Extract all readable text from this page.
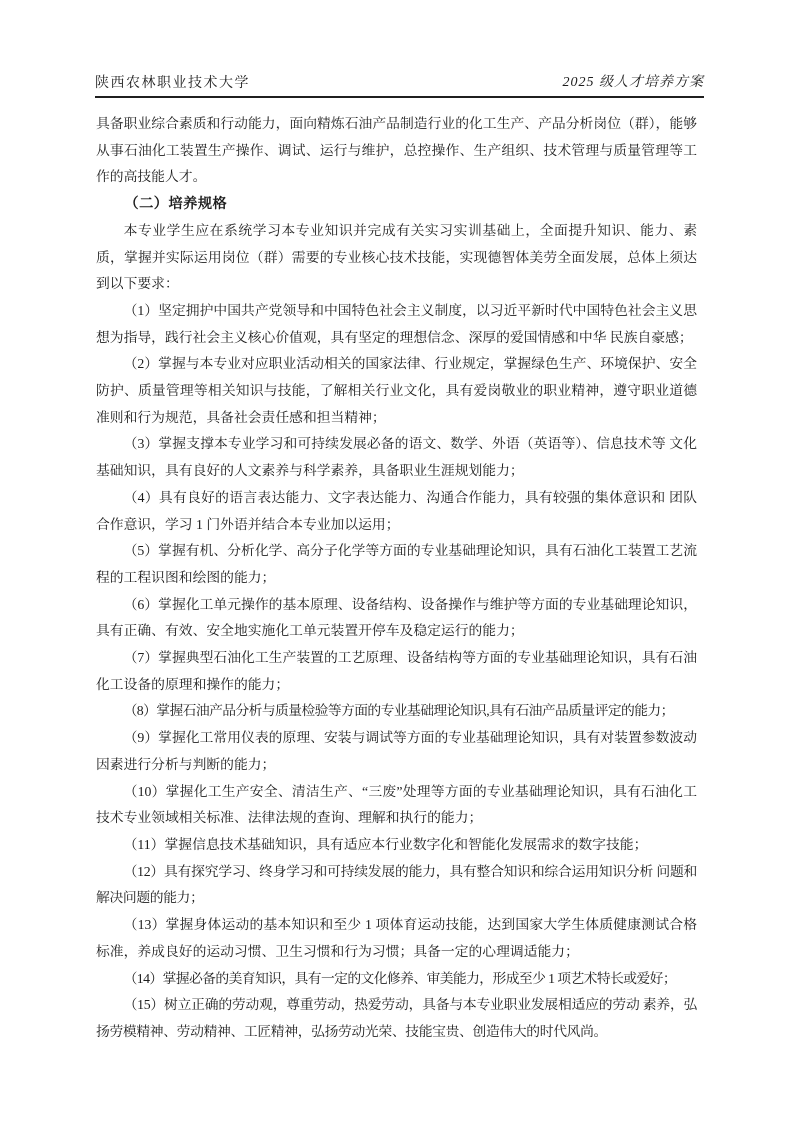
陕西农林职业技术大学	2025 级人才培养方案

具备职业综合素质和行动能力，面向精炼石油产品制造行业的化工生产、产品分析岗位（群），能够从事石油化工装置生产操作、调试、运行与维护，总控操作、生产组织、技术管理与质量管理等工作的高技能人才。

（二）培养规格

本专业学生应在系统学习本专业知识并完成有关实习实训基础上，全面提升知识、能力、素质，掌握并实际运用岗位（群）需要的专业核心技术技能，实现德智体美劳全面发展，总体上须达到以下要求：

（1）坚定拥护中国共产党领导和中国特色社会主义制度，以习近平新时代中国特色社会主义思想为指导，践行社会主义核心价值观，具有坚定的理想信念、深厚的爱国情感和中华 民族自豪感；

（2）掌握与本专业对应职业活动相关的国家法律、行业规定，掌握绿色生产、环境保护、安全防护、质量管理等相关知识与技能，了解相关行业文化，具有爱岗敬业的职业精神，遵守职业道德准则和行为规范，具备社会责任感和担当精神；

（3）掌握支撑本专业学习和可持续发展必备的语文、数学、外语（英语等）、信息技术等 文化基础知识，具有良好的人文素养与科学素养，具备职业生涯规划能力；

（4）具有良好的语言表达能力、文字表达能力、沟通合作能力，具有较强的集体意识和 团队合作意识，学习 1 门外语并结合本专业加以运用；

（5）掌握有机、分析化学、高分子化学等方面的专业基础理论知识，具有石油化工装置工艺流程的工程识图和绘图的能力；

（6）掌握化工单元操作的基本原理、设备结构、设备操作与维护等方面的专业基础理论知识，具有正确、有效、安全地实施化工单元装置开停车及稳定运行的能力；

（7）掌握典型石油化工生产装置的工艺原理、设备结构等方面的专业基础理论知识，具有石油化工设备的原理和操作的能力；

（8）掌握石油产品分析与质量检验等方面的专业基础理论知识,具有石油产品质量评定的能力；

（9）掌握化工常用仪表的原理、安装与调试等方面的专业基础理论知识，具有对装置参数波动因素进行分析与判断的能力；

（10）掌握化工生产安全、清洁生产、“三废”处理等方面的专业基础理论知识，具有石油化工技术专业领域相关标准、法律法规的查询、理解和执行的能力；

（11）掌握信息技术基础知识，具有适应本行业数字化和智能化发展需求的数字技能；

（12）具有探究学习、终身学习和可持续发展的能力，具有整合知识和综合运用知识分析 问题和解决问题的能力；

（13）掌握身体运动的基本知识和至少 1 项体育运动技能，达到国家大学生体质健康测试合格标准，养成良好的运动习惯、卫生习惯和行为习惯；具备一定的心理调适能力；

（14）掌握必备的美育知识，具有一定的文化修养、审美能力，形成至少 1 项艺术特长或爱好；

（15）树立正确的劳动观，尊重劳动，热爱劳动，具备与本专业职业发展相适应的劳动 素养，弘扬劳模精神、劳动精神、工匠精神，弘扬劳动光荣、技能宝贵、创造伟大的时代风尚。
